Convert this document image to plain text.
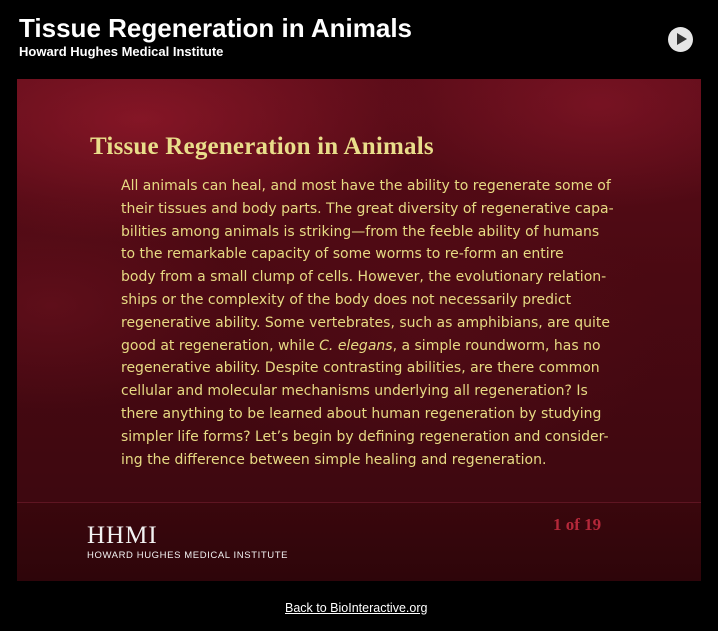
Tissue Regeneration in Animals
Howard Hughes Medical Institute
Tissue Regeneration in Animals
All animals can heal, and most have the ability to regenerate some of
their tissues and body parts. The great diversity of regenerative capa-
bilities among animals is striking—from the feeble ability of humans
to the remarkable capacity of some worms to re-form an entire
body from a small clump of cells. However, the evolutionary relation-
ships or the complexity of the body does not necessarily predict
regenerative ability. Some vertebrates, such as amphibians, are quite
good at regeneration, while C. elegans, a simple roundworm, has no
regenerative ability. Despite contrasting abilities, are there common
cellular and molecular mechanisms underlying all regeneration? Is
there anything to be learned about human regeneration by studying
simpler life forms? Let’s begin by defining regeneration and consider-
ing the difference between simple healing and regeneration.
HHMI
HOWARD HUGHES MEDICAL INSTITUTE
1 of 19
Back to BioInteractive.org
